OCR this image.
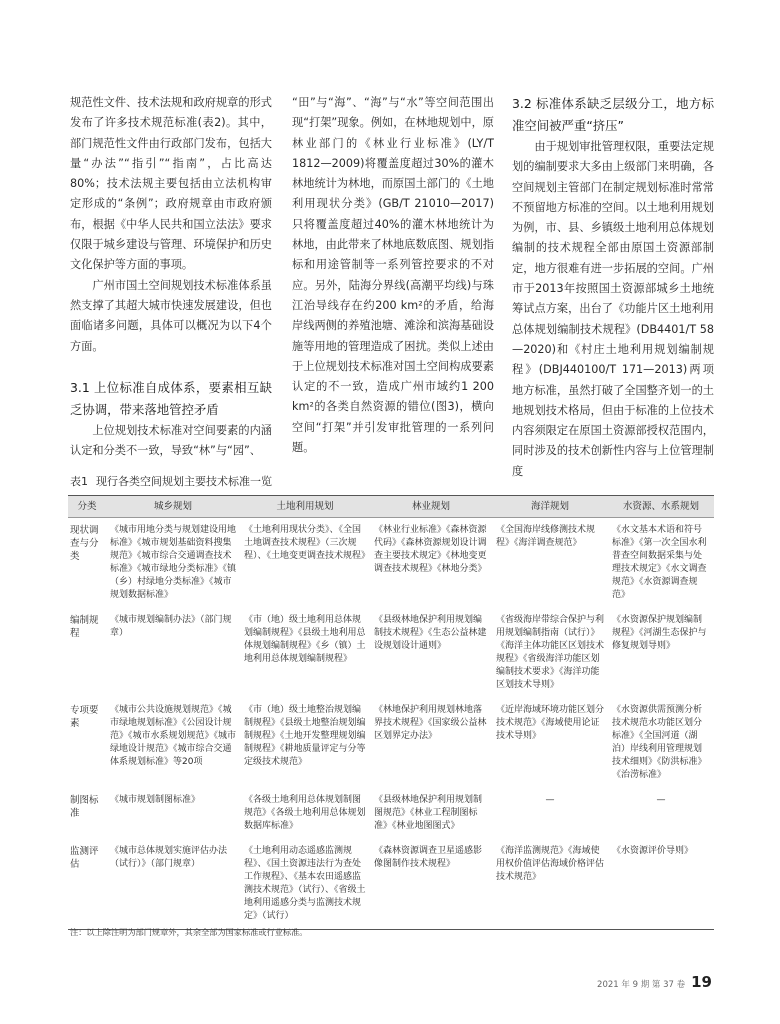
规范性文件、技术法规和政府规章的形式发布了许多技术规范标准(表2)。其中，部门规范性文件由行政部门发布，包括大量“办法”“指引”“指南”，占比高达80%；技术法规主要包括由立法机构审定形成的“条例”；政府规章由市政府颁布，根据《中华人民共和国立法法》要求仅限于城乡建设与管理、环境保护和历史文化保护等方面的事项。

广州市国土空间规划技术标准体系虽然支撑了其超大城市快速发展建设，但也面临诸多问题，具体可以概况为以下4个方面。

3.1 上位标准自成体系，要素相互缺乏协调，带来落地管控矛盾

上位规划技术标准对空间要素的内涵认定和分类不一致，导致“林”与“园”、

“田”与“海”、“海”与“水”等空间范围出现“打架”现象。例如，在林地规划中，原林业部门的《林业行业标准》(LY/T 1812—2009)将覆盖度超过30%的灌木林地统计为林地，而原国土部门的《土地利用现状分类》(GB/T 21010—2017)只将覆盖度超过40%的灌木林地统计为林地，由此带来了林地底数底图、规划指标和用途管制等一系列管控要求的不对应。另外，陆海分界线(高潮平均线)与珠江治导线存在约200 km²的矛盾，给海岸线两侧的养殖池塘、滩涂和滨海基础设施等用地的管理造成了困扰。类似上述由于上位规划技术标准对国土空间构成要素认定的不一致，造成广州市域约1 200 km²的各类自然资源的错位(图3)，横向空间“打架”并引发审批管理的一系列问题。

3.2 标准体系缺乏层级分工，地方标准空间被严重“挤压”

由于规划审批管理权限，重要法定规划的编制要求大多由上级部门来明确，各空间规划主管部门在制定规划标准时常常不预留地方标准的空间。以土地利用规划为例，市、县、乡镇级土地利用总体规划编制的技术规程全部由原国土资源部制定，地方很难有进一步拓展的空间。广州市于2013年按照国土资源部城乡土地统筹试点方案，出台了《功能片区土地利用总体规划编制技术规程》(DB4401/T 58—2020)和《村庄土地利用规划编制规程》(DBJ440100/T 171—2013)两项地方标准，虽然打破了全国整齐划一的土地规划技术格局，但由于标准的上位技术内容须限定在原国土资源部授权范围内，同时涉及的技术创新性内容与上位管理制度

表1 现行各类空间规划主要技术标准一览
分类	城乡规划	土地利用规划	林业规划	海洋规划	水资源、水系规划
现状调查与分类	《城市用地分类与规划建设用地标准》《城市规划基础资料搜集规范》《城市综合交通调查技术标准》《城市绿地分类标准》《镇（乡）村绿地分类标准》《城市规划数据标准》	《土地利用现状分类》、《全国土地调查技术规程》（三次规程）、《土地变更调查技术规程》	《林业行业标准》《森林资源代码》《森林资源规划设计调查主要技术规定》《林地变更调查技术规程》《林地分类》	《全国海岸线修测技术规程》《海洋调查规范》	《水文基本术语和符号标准》《第一次全国水利普查空间数据采集与处理技术规定》《水文调查规范》《水资源调查规范》
编制规程	《城市规划编制办法》（部门规章）	《市（地）级土地利用总体规划编制规程》《县级土地利用总体规划编制规程》《乡（镇）土地利用总体规划编制规程》	《县级林地保护利用规划编制技术规程》《生态公益林建设规划设计通则》	《省级海岸带综合保护与利用规划编制指南（试行）》《海洋主体功能区区划技术规程》《省级海洋功能区划编制技术要求》《海洋功能区划技术导则》	《水资源保护规划编制规程》《河湖生态保护与修复规划导则》
专项要素	《城市公共设施规划规范》《城市绿地规划标准》《公园设计规范》《城市水系规划规范》《城市绿地设计规范》《城市综合交通体系规划标准》等20项	《市（地）级土地整治规划编制规程》《县级土地整治规划编制规程》《土地开发整理规划编制规程》《耕地质量评定与分等定级技术规范》	《林地保护利用规划林地落界技术规程》《国家级公益林区划界定办法》	《近岸海域环境功能区划分技术规范》《海域使用论证技术导则》	《水资源供需预测分析技术规范水功能区划分标准》《全国河道（湖泊）岸线利用管理规划技术细则》《防洪标准》《治涝标准》
制图标准	《城市规划制图标准》	《各级土地利用总体规划制图规范》《各级土地利用总体规划数据库标准》	《县级林地保护利用规划制图规范》《林业工程制图标准》《林业地图图式》	—	—
监测评估	《城市总体规划实施评估办法（试行）》（部门规章）	《土地利用动态遥感监测规程》、《国土资源违法行为查处工作规程》、《基本农田遥感监测技术规范》（试行）、《省级土地利用遥感分类与监测技术规定》（试行）	《森林资源调查卫星遥感影像图制作技术规程》	《海洋监测规范》《海域使用权价值评估海域价格评估技术规范》	《水资源评价导则》
注：以上除注明为部门规章外，其余全部为国家标准或行业标准。
2021 年 9 期 第 37 卷 19
